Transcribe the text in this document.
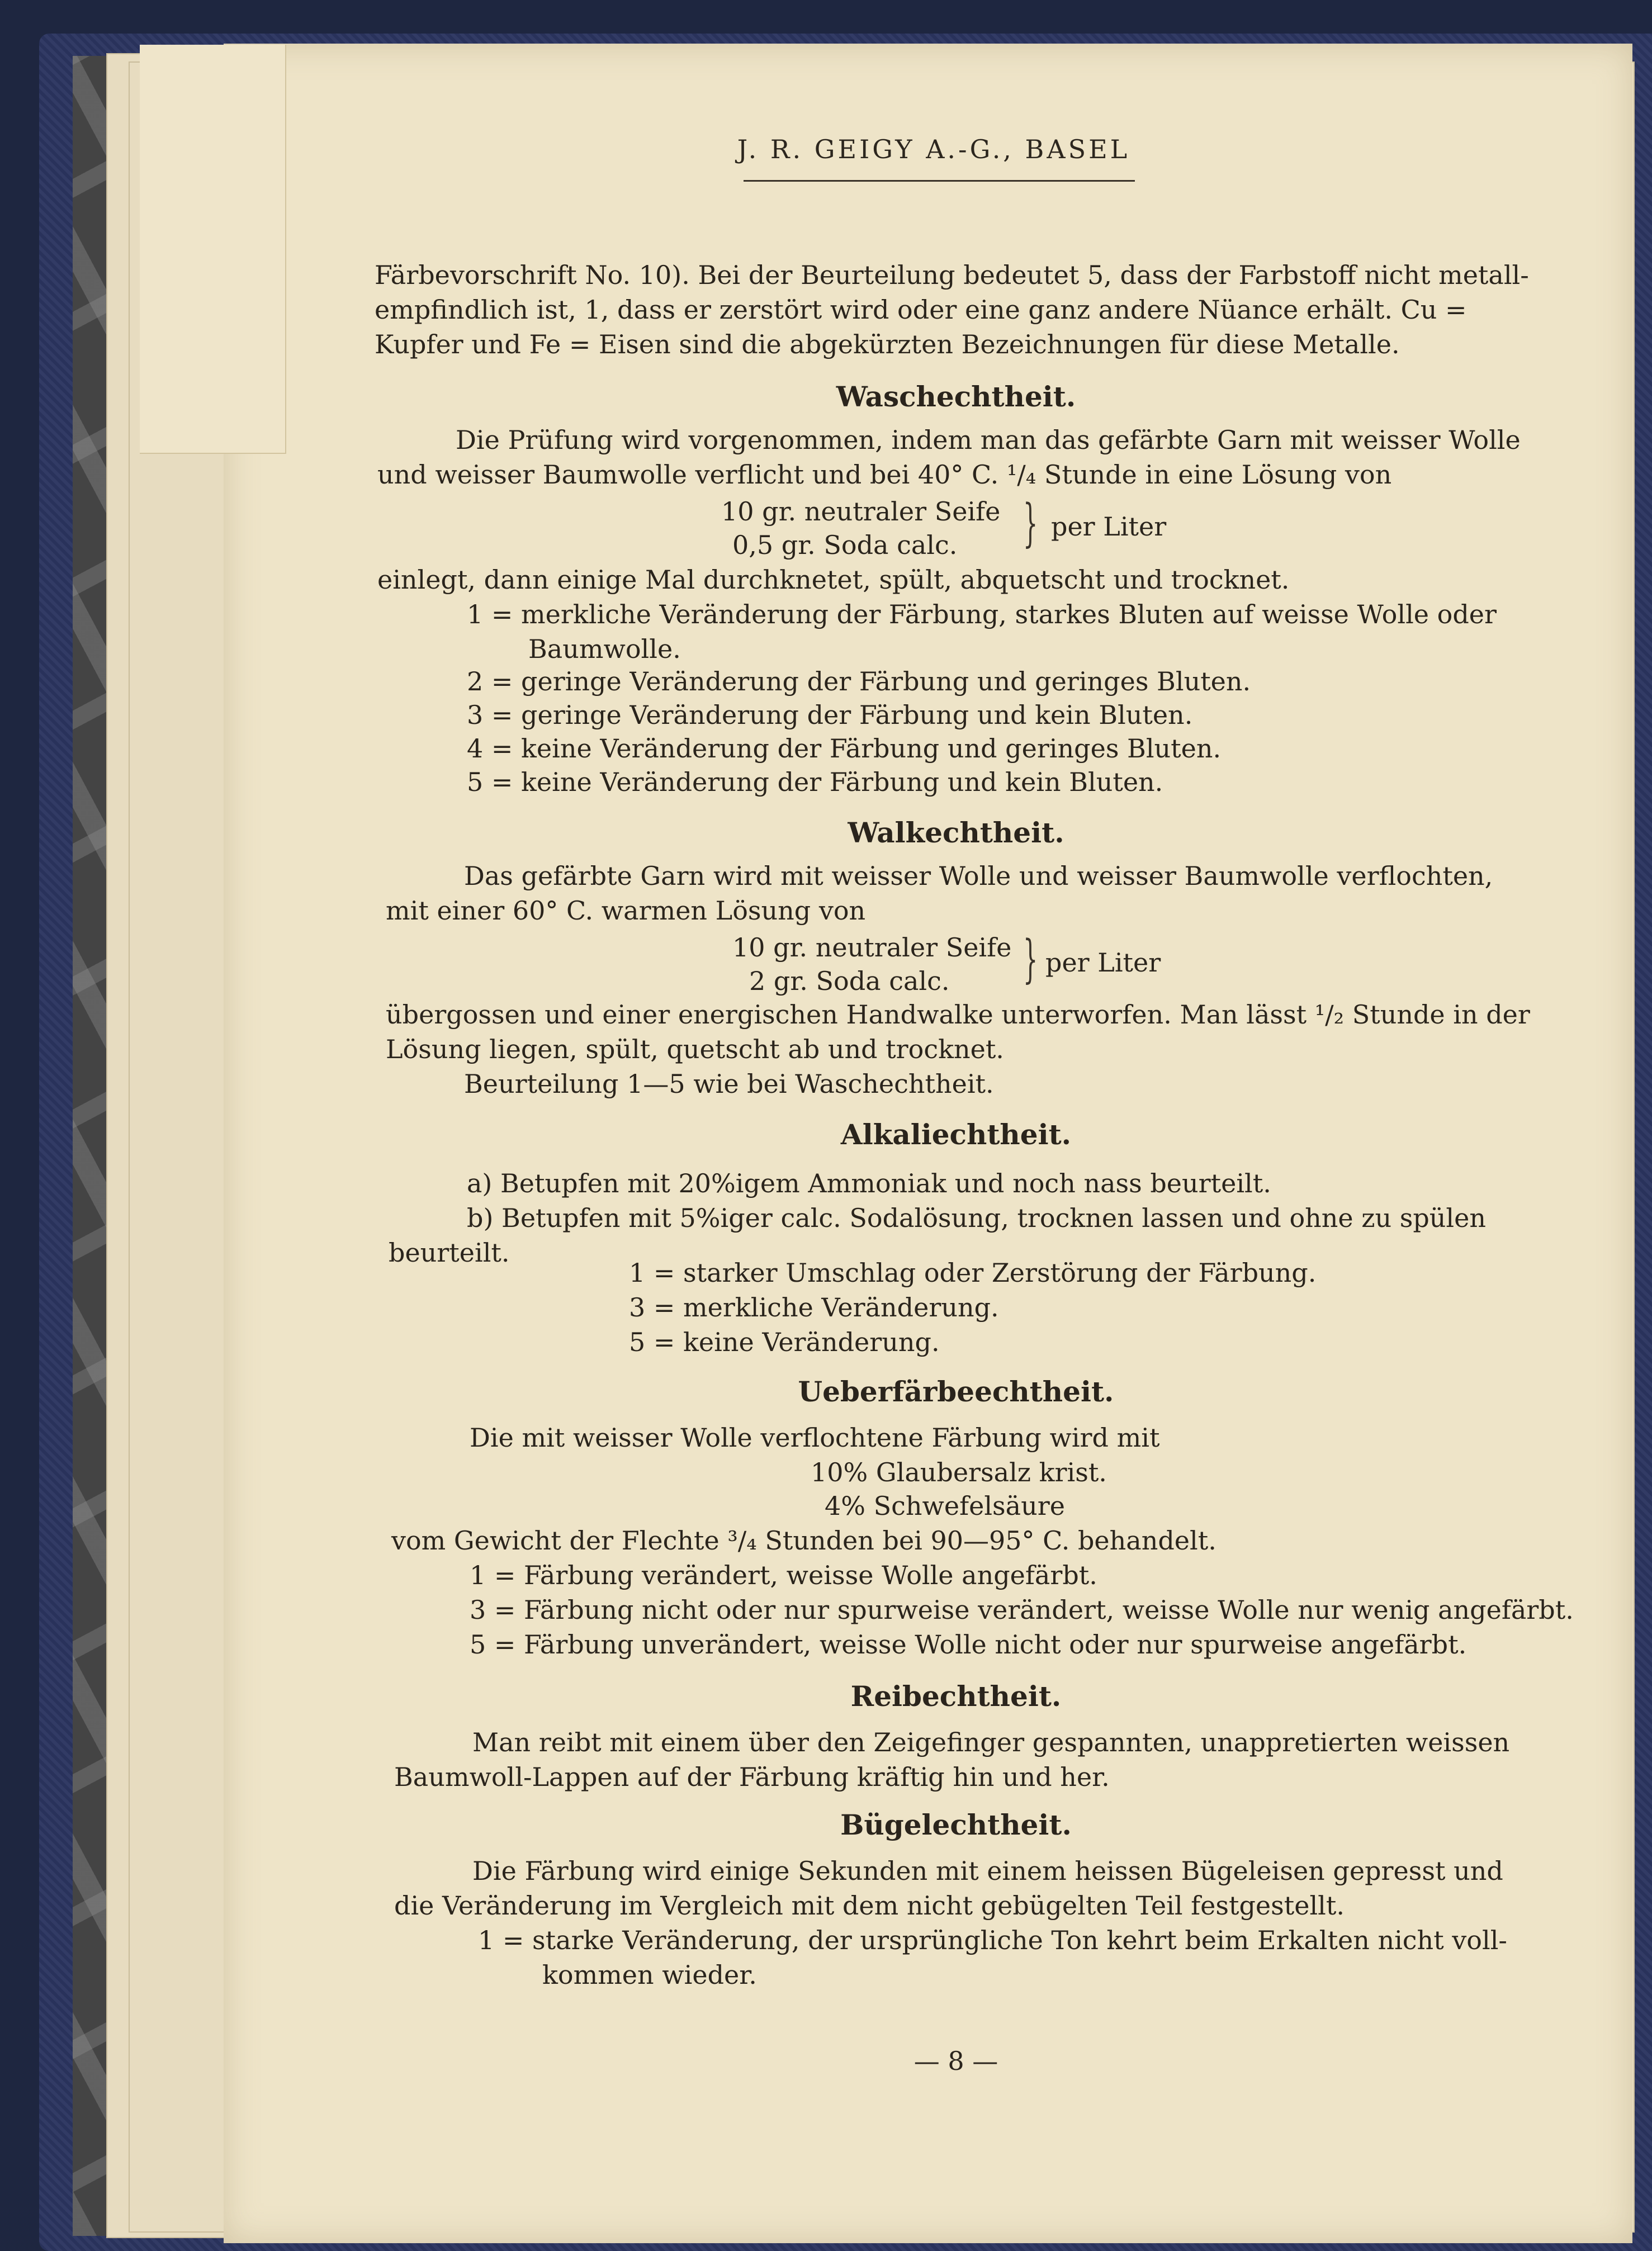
J. R. GEIGY A.-G., BASEL
Färbevorschrift No. 10). Bei der Beurteilung bedeutet 5, dass der Farbstoff nicht metall-
empfindlich ist, 1, dass er zerstört wird oder eine ganz andere Nüance erhält. Cu =
Kupfer und Fe = Eisen sind die abgekürzten Bezeichnungen für diese Metalle.
Waschechtheit.
Die Prüfung wird vorgenommen, indem man das gefärbte Garn mit weisser Wolle
und weisser Baumwolle verflicht und bei 40° C. ¹/₄ Stunde in eine Lösung von
10 gr. neutraler Seife
0,5 gr. Soda calc. } per Liter
einlegt, dann einige Mal durchknetet, spült, abquetscht und trocknet.
1 = merkliche Veränderung der Färbung, starkes Bluten auf weisse Wolle oder
Baumwolle.
2 = geringe Veränderung der Färbung und geringes Bluten.
3 = geringe Veränderung der Färbung und kein Bluten.
4 = keine Veränderung der Färbung und geringes Bluten.
5 = keine Veränderung der Färbung und kein Bluten.
Walkechtheit.
Das gefärbte Garn wird mit weisser Wolle und weisser Baumwolle verflochten,
mit einer 60° C. warmen Lösung von
10 gr. neutraler Seife
2 gr. Soda calc. } per Liter
übergossen und einer energischen Handwalke unterworfen. Man lässt ¹/₂ Stunde in der
Lösung liegen, spült, quetscht ab und trocknet.
Beurteilung 1—5 wie bei Waschechtheit.
Alkaliechtheit.
a) Betupfen mit 20%igem Ammoniak und noch nass beurteilt.
b) Betupfen mit 5%iger calc. Sodalösung, trocknen lassen und ohne zu spülen
beurteilt.
1 = starker Umschlag oder Zerstörung der Färbung.
3 = merkliche Veränderung.
5 = keine Veränderung.
Ueberfärbeechtheit.
Die mit weisser Wolle verflochtene Färbung wird mit
10% Glaubersalz krist.
4% Schwefelsäure
vom Gewicht der Flechte ³/₄ Stunden bei 90—95° C. behandelt.
1 = Färbung verändert, weisse Wolle angefärbt.
3 = Färbung nicht oder nur spurweise verändert, weisse Wolle nur wenig angefärbt.
5 = Färbung unverändert, weisse Wolle nicht oder nur spurweise angefärbt.
Reibechtheit.
Man reibt mit einem über den Zeigefinger gespannten, unappretierten weissen
Baumwoll-Lappen auf der Färbung kräftig hin und her.
Bügelechtheit.
Die Färbung wird einige Sekunden mit einem heissen Bügeleisen gepresst und
die Veränderung im Vergleich mit dem nicht gebügelten Teil festgestellt.
1 = starke Veränderung, der ursprüngliche Ton kehrt beim Erkalten nicht voll-
kommen wieder.
— 8 —
